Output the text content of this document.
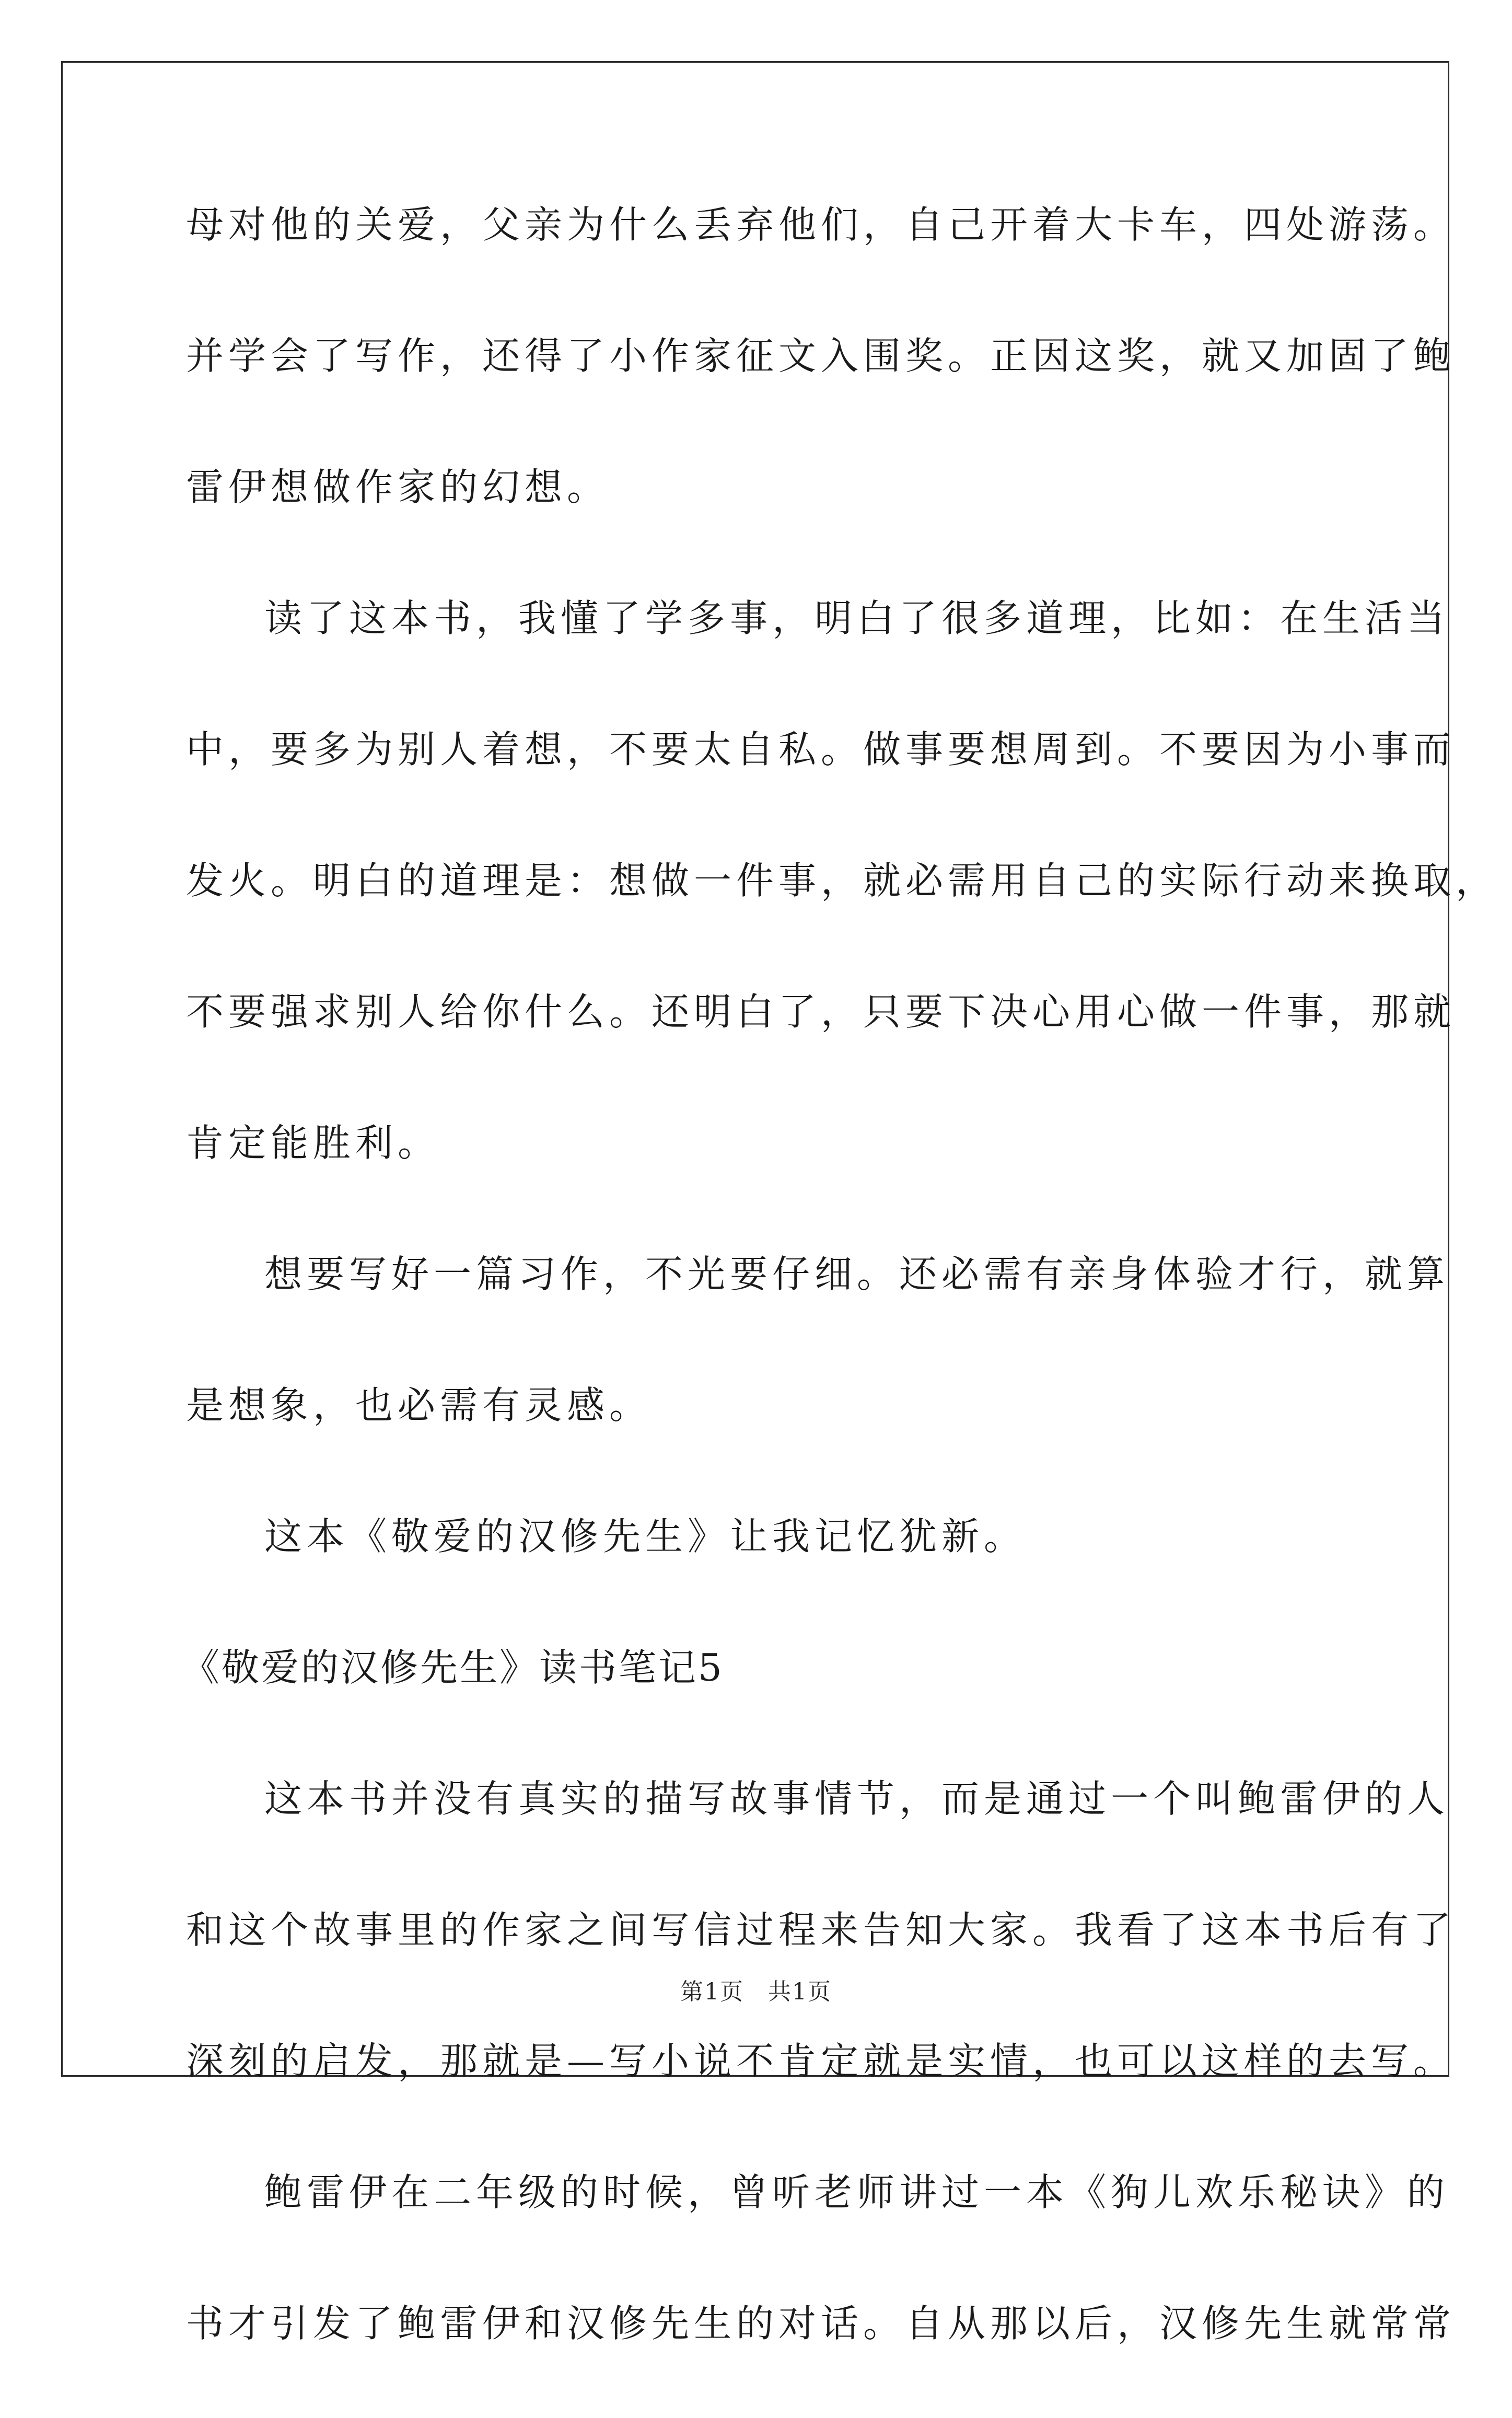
母对他的关爱，父亲为什么丢弃他们，自己开着大卡车，四处游荡。
并学会了写作，还得了小作家征文入围奖。正因这奖，就又加固了鲍
雷伊想做作家的幻想。
读了这本书，我懂了学多事，明白了很多道理，比如：在生活当
中，要多为别人着想，不要太自私。做事要想周到。不要因为小事而
发火。明白的道理是：想做一件事，就必需用自己的实际行动来换取，
不要强求别人给你什么。还明白了，只要下决心用心做一件事，那就
肯定能胜利。
想要写好一篇习作，不光要仔细。还必需有亲身体验才行，就算
是想象，也必需有灵感。
这本《敬爱的汉修先生》让我记忆犹新。
《敬爱的汉修先生》读书笔记5
这本书并没有真实的描写故事情节，而是通过一个叫鲍雷伊的人
和这个故事里的作家之间写信过程来告知大家。我看了这本书后有了
深刻的启发，那就是—写小说不肯定就是实情，也可以这样的去写。
鲍雷伊在二年级的时候，曾听老师讲过一本《狗儿欢乐秘诀》的
书才引发了鲍雷伊和汉修先生的对话。自从那以后，汉修先生就常常
第1页　共1页
